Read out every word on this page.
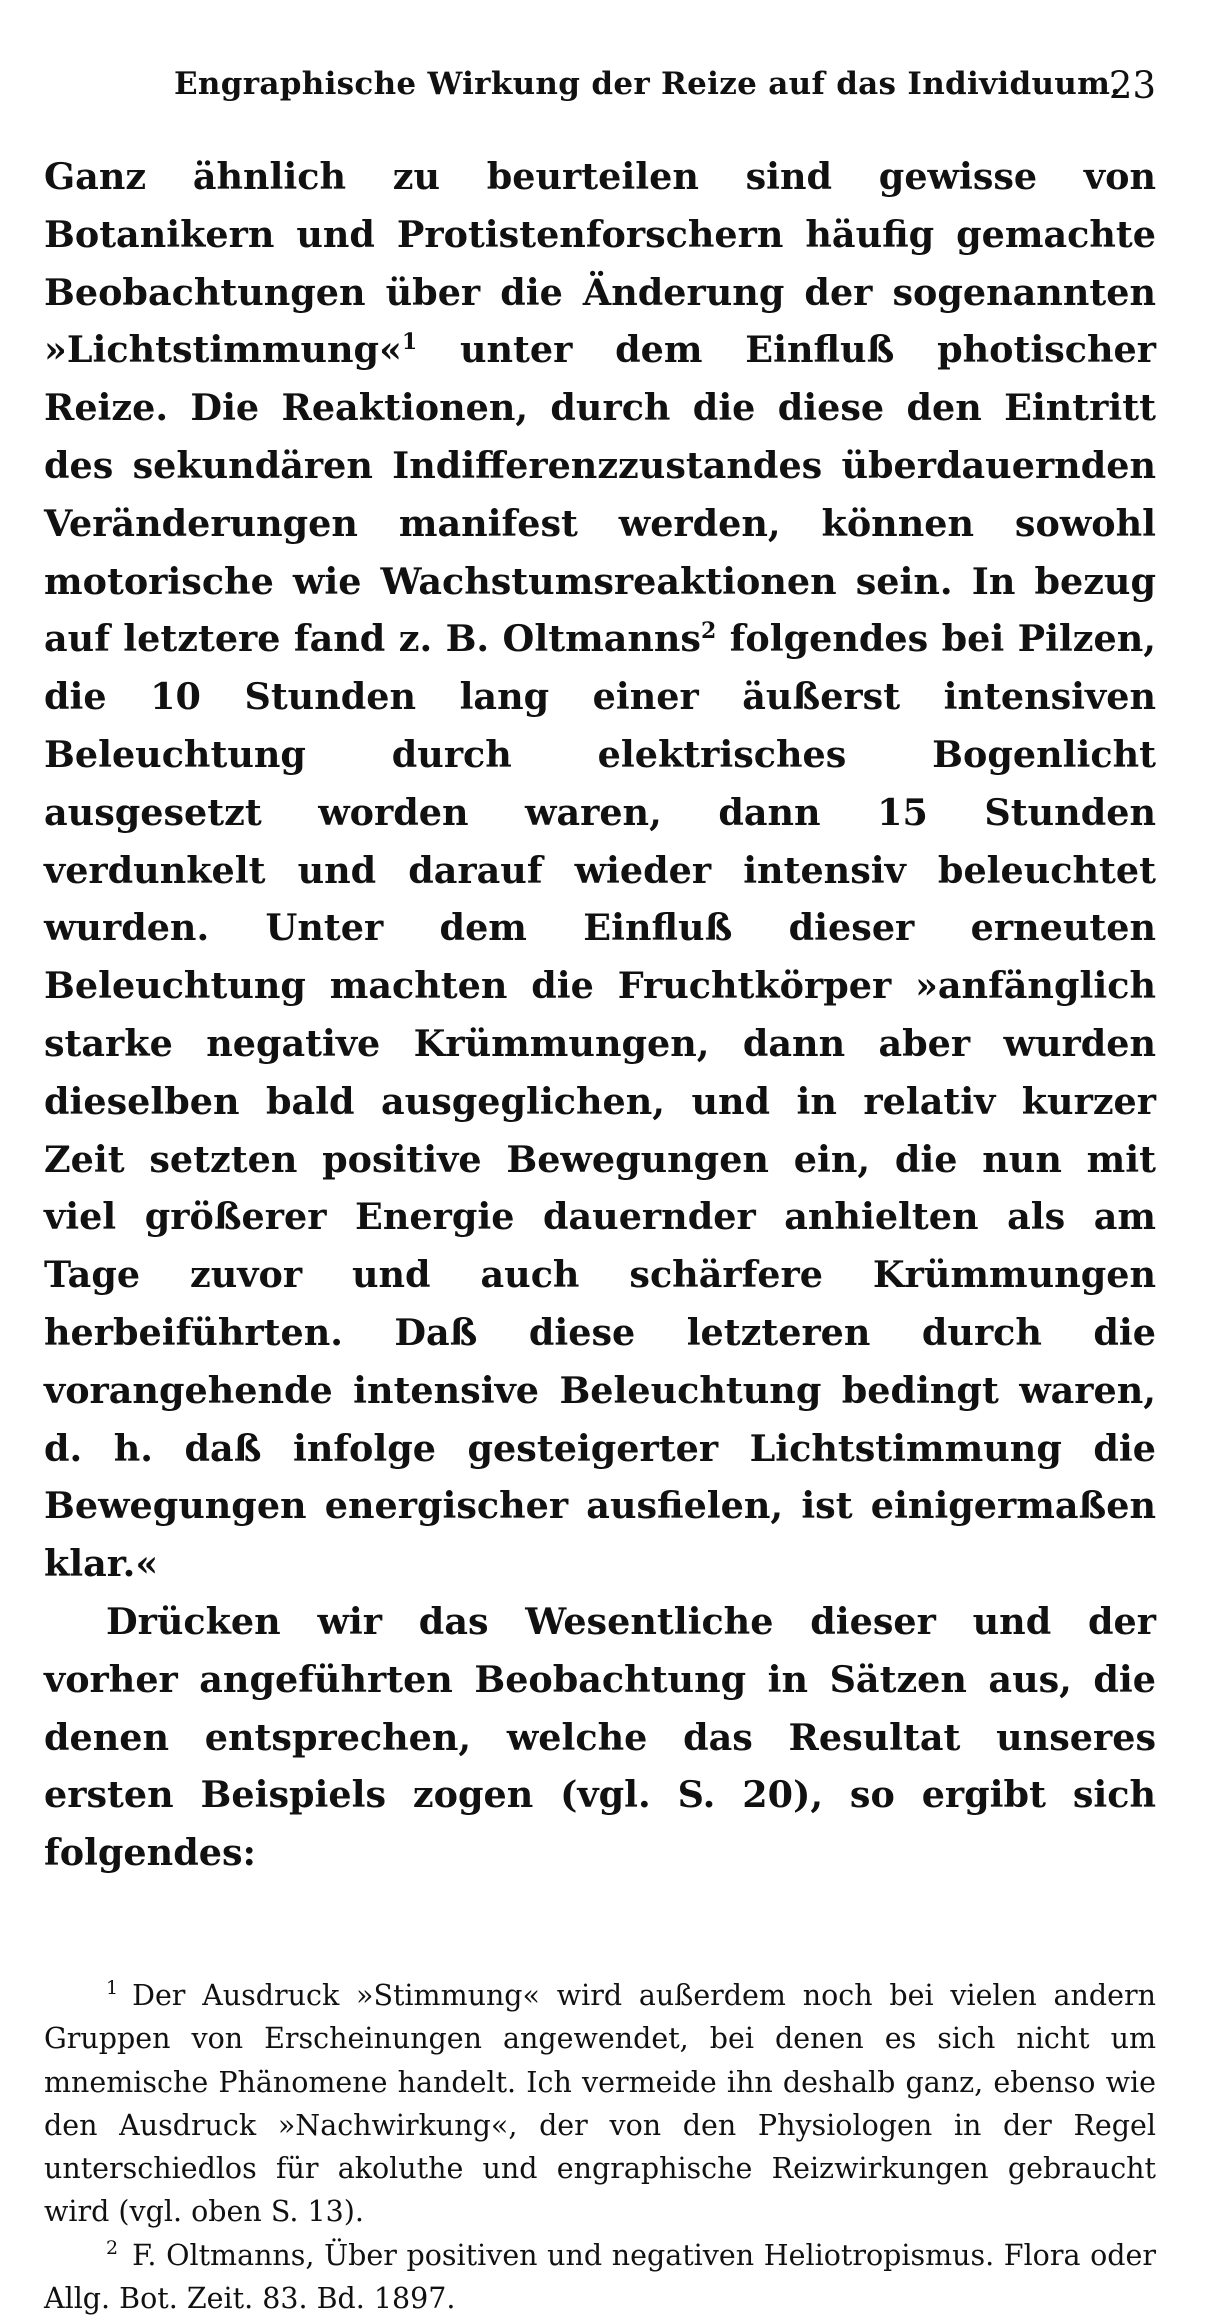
Engraphische Wirkung der Reize auf das Individuum.
23

Ganz ähnlich zu beurteilen sind gewisse von Botanikern und Protistenforschern häufig gemachte Beobachtungen über die Änderung der sogenannten »Lichtstimmung«$^1$ unter dem Einfluß photischer Reize. Die Reaktionen, durch die diese den Eintritt des sekundären Indifferenzzustandes überdauernden Veränderungen manifest werden, können sowohl motorische wie Wachstumsreaktionen sein. In bezug auf letztere fand z. B. Oltmanns$^2$ folgendes bei Pilzen, die 10 Stunden lang einer äußerst intensiven Beleuchtung durch elektrisches Bogenlicht ausgesetzt worden waren, dann 15 Stunden verdunkelt und darauf wieder intensiv beleuchtet wurden. Unter dem Einfluß dieser erneuten Beleuchtung machten die Fruchtkörper »anfänglich starke negative Krümmungen, dann aber wurden dieselben bald ausgeglichen, und in relativ kurzer Zeit setzten positive Bewegungen ein, die nun mit viel größerer Energie dauernder anhielten als am Tage zuvor und auch schärfere Krümmungen herbeiführten. Daß diese letzteren durch die vorangehende intensive Beleuchtung bedingt waren, d. h. daß infolge gesteigerter Lichtstimmung die Bewegungen energischer ausfielen, ist einigermaßen klar.«

Drücken wir das Wesentliche dieser und der vorher angeführten Beobachtung in Sätzen aus, die denen entsprechen, welche das Resultat unseres ersten Beispiels zogen (vgl. S. 20), so ergibt sich folgendes:

$^1$ Der Ausdruck »Stimmung« wird außerdem noch bei vielen andern Gruppen von Erscheinungen angewendet, bei denen es sich nicht um mnemische Phänomene handelt. Ich vermeide ihn deshalb ganz, ebenso wie den Ausdruck »Nachwirkung«, der von den Physiologen in der Regel unterschiedlos für akoluthe und engraphische Reizwirkungen gebraucht wird (vgl. oben S. 13).

$^2$ F. Oltmanns, Über positiven und negativen Heliotropismus. Flora oder Allg. Bot. Zeit. 83. Bd. 1897.
